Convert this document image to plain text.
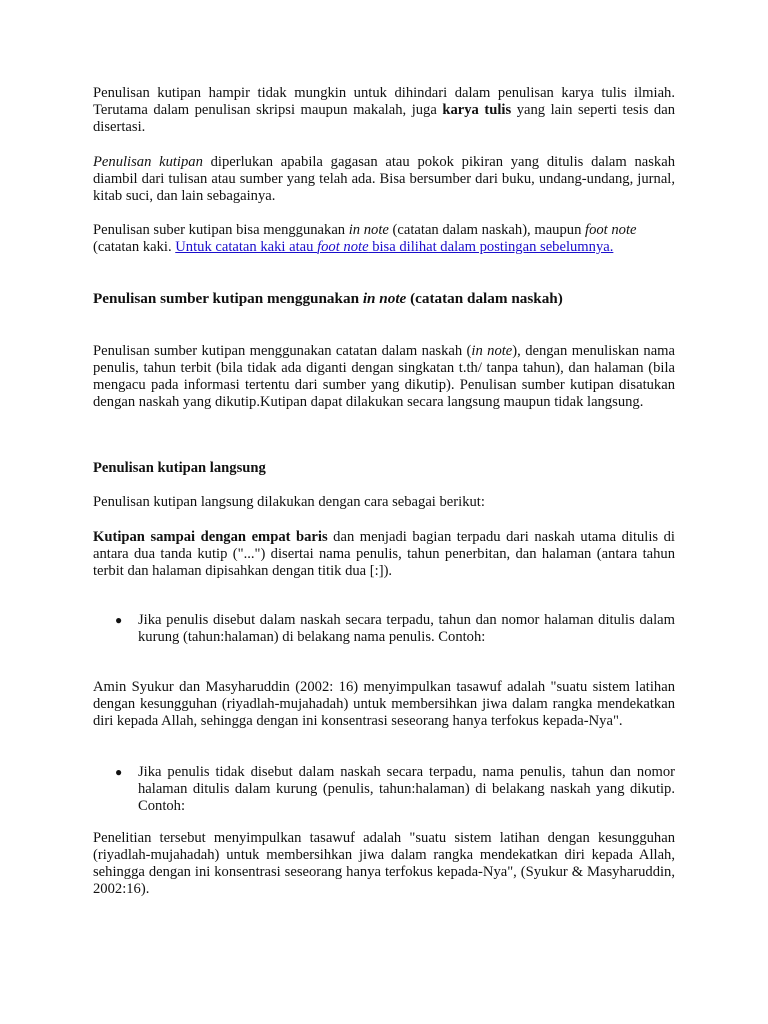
Penulisan kutipan hampir tidak mungkin untuk dihindari dalam penulisan karya tulis ilmiah. Terutama dalam penulisan skripsi maupun makalah, juga karya tulis yang lain seperti tesis dan disertasi.

Penulisan kutipan diperlukan apabila gagasan atau pokok pikiran yang ditulis dalam naskah diambil dari tulisan atau sumber yang telah ada. Bisa bersumber dari buku, undang-undang, jurnal, kitab suci, dan lain sebagainya.

Penulisan suber kutipan bisa menggunakan in note (catatan dalam naskah), maupun foot note (catatan kaki. Untuk catatan kaki atau foot note bisa dilihat dalam postingan sebelumnya.

Penulisan sumber kutipan menggunakan in note (catatan dalam naskah)

Penulisan sumber kutipan menggunakan catatan dalam naskah (in note), dengan menuliskan nama penulis, tahun terbit (bila tidak ada diganti dengan singkatan t.th/ tanpa tahun), dan halaman (bila mengacu pada informasi tertentu dari sumber yang dikutip). Penulisan sumber kutipan disatukan dengan naskah yang dikutip.Kutipan dapat dilakukan secara langsung maupun tidak langsung.

Penulisan kutipan langsung

Penulisan kutipan langsung dilakukan dengan cara sebagai berikut:

Kutipan sampai dengan empat baris dan menjadi bagian terpadu dari naskah utama ditulis di antara dua tanda kutip ("...") disertai nama penulis, tahun penerbitan, dan halaman (antara tahun terbit dan halaman dipisahkan dengan titik dua [:]).

●	Jika penulis disebut dalam naskah secara terpadu, tahun dan nomor halaman ditulis dalam kurung (tahun:halaman) di belakang nama penulis. Contoh:

Amin Syukur dan Masyharuddin (2002: 16) menyimpulkan tasawuf adalah "suatu sistem latihan dengan kesungguhan (riyadlah-mujahadah) untuk membersihkan jiwa dalam rangka mendekatkan diri kepada Allah, sehingga dengan ini konsentrasi seseorang hanya terfokus kepada-Nya".

●	Jika penulis tidak disebut dalam naskah secara terpadu, nama penulis, tahun dan nomor halaman ditulis dalam kurung (penulis, tahun:halaman) di belakang naskah yang dikutip. Contoh:

Penelitian tersebut menyimpulkan tasawuf adalah "suatu sistem latihan dengan kesungguhan (riyadlah-mujahadah) untuk membersihkan jiwa dalam rangka mendekatkan diri kepada Allah, sehingga dengan ini konsentrasi seseorang hanya terfokus kepada-Nya", (Syukur & Masyharuddin, 2002:16).
